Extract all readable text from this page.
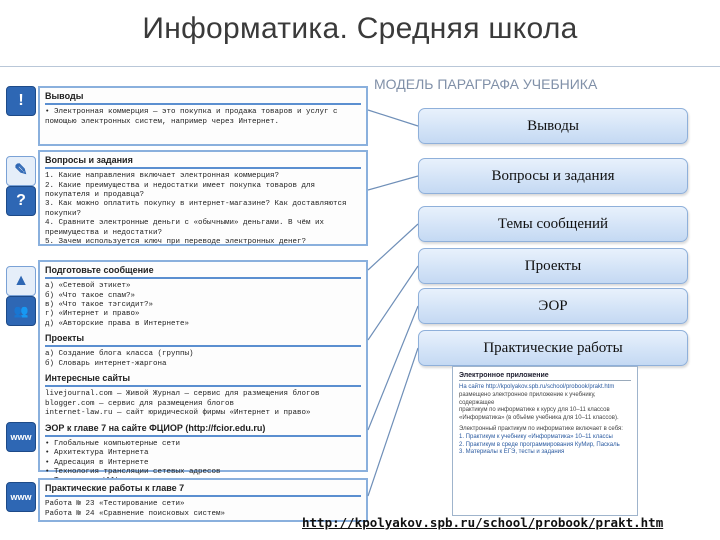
Информатика. Средняя школа
МОДЕЛЬ ПАРАГРАФА УЧЕБНИКА
!
✎
?
▲
👥
www
www
Выводы

• Электронная коммерция — это покупка и продажа товаров и услуг с помощью электронных систем, например через Интернет.

Вопросы и задания

1. Какие направления включает электронная коммерция?

2. Какие преимущества и недостатки имеет покупка товаров для покупателя и продавца?

3. Как можно оплатить покупку в интернет-магазине? Как доставляются покупки?

4. Сравните электронные деньги с «обычными» деньгами. В чём их преимущества и недостатки?

5. Зачем используется ключ при переводе электронных денег?

Подготовьте сообщение

а) «Сетевой этикет»

б) «Что такое спам?»

в) «Что такое тэгсидит?»

г) «Интернет и право»

д) «Авторские права в Интернете»

Проекты

а) Создание блога класса (группы)

б) Словарь интернет-жаргона

Интересные сайты

livejournal.com — Живой Журнал — сервис для размещения блогов

blogger.com — сервис для размещения блогов

internet-law.ru — сайт юридической фирмы «Интернет и право»

ЭОР к главе 7 на сайте ФЦИОР (http://fcior.edu.ru)

• Глобальные компьютерные сети

• Архитектура Интернета

• Адресация в Интернете

• Технология трансляции сетевых адресов

Практические работы к главе 7

Работа № 23 «Тестирование сети»

Работа № 24 «Сравнение поисковых систем»

Выводы
Вопросы и задания
Темы сообщений
Проекты
ЭОР
Практические работы
Электронное приложение
На сайте http://kpolyakov.spb.ru/school/probook/prakt.htm
размещено электронное приложение к учебнику, содержащее
практикум по информатике к курсу для 10–11 классов
«Информатика» (в объёме учебника для 10–11 классов).
Электронный практикум по информатике включает в себя:
1. Практикум к учебнику «Информатика» 10–11 классы
2. Практикум в среде программирования КуМир, Паскаль
3. Материалы к ЕГЭ, тесты и задания
http://kpolyakov.spb.ru/school/probook/prakt.htm
